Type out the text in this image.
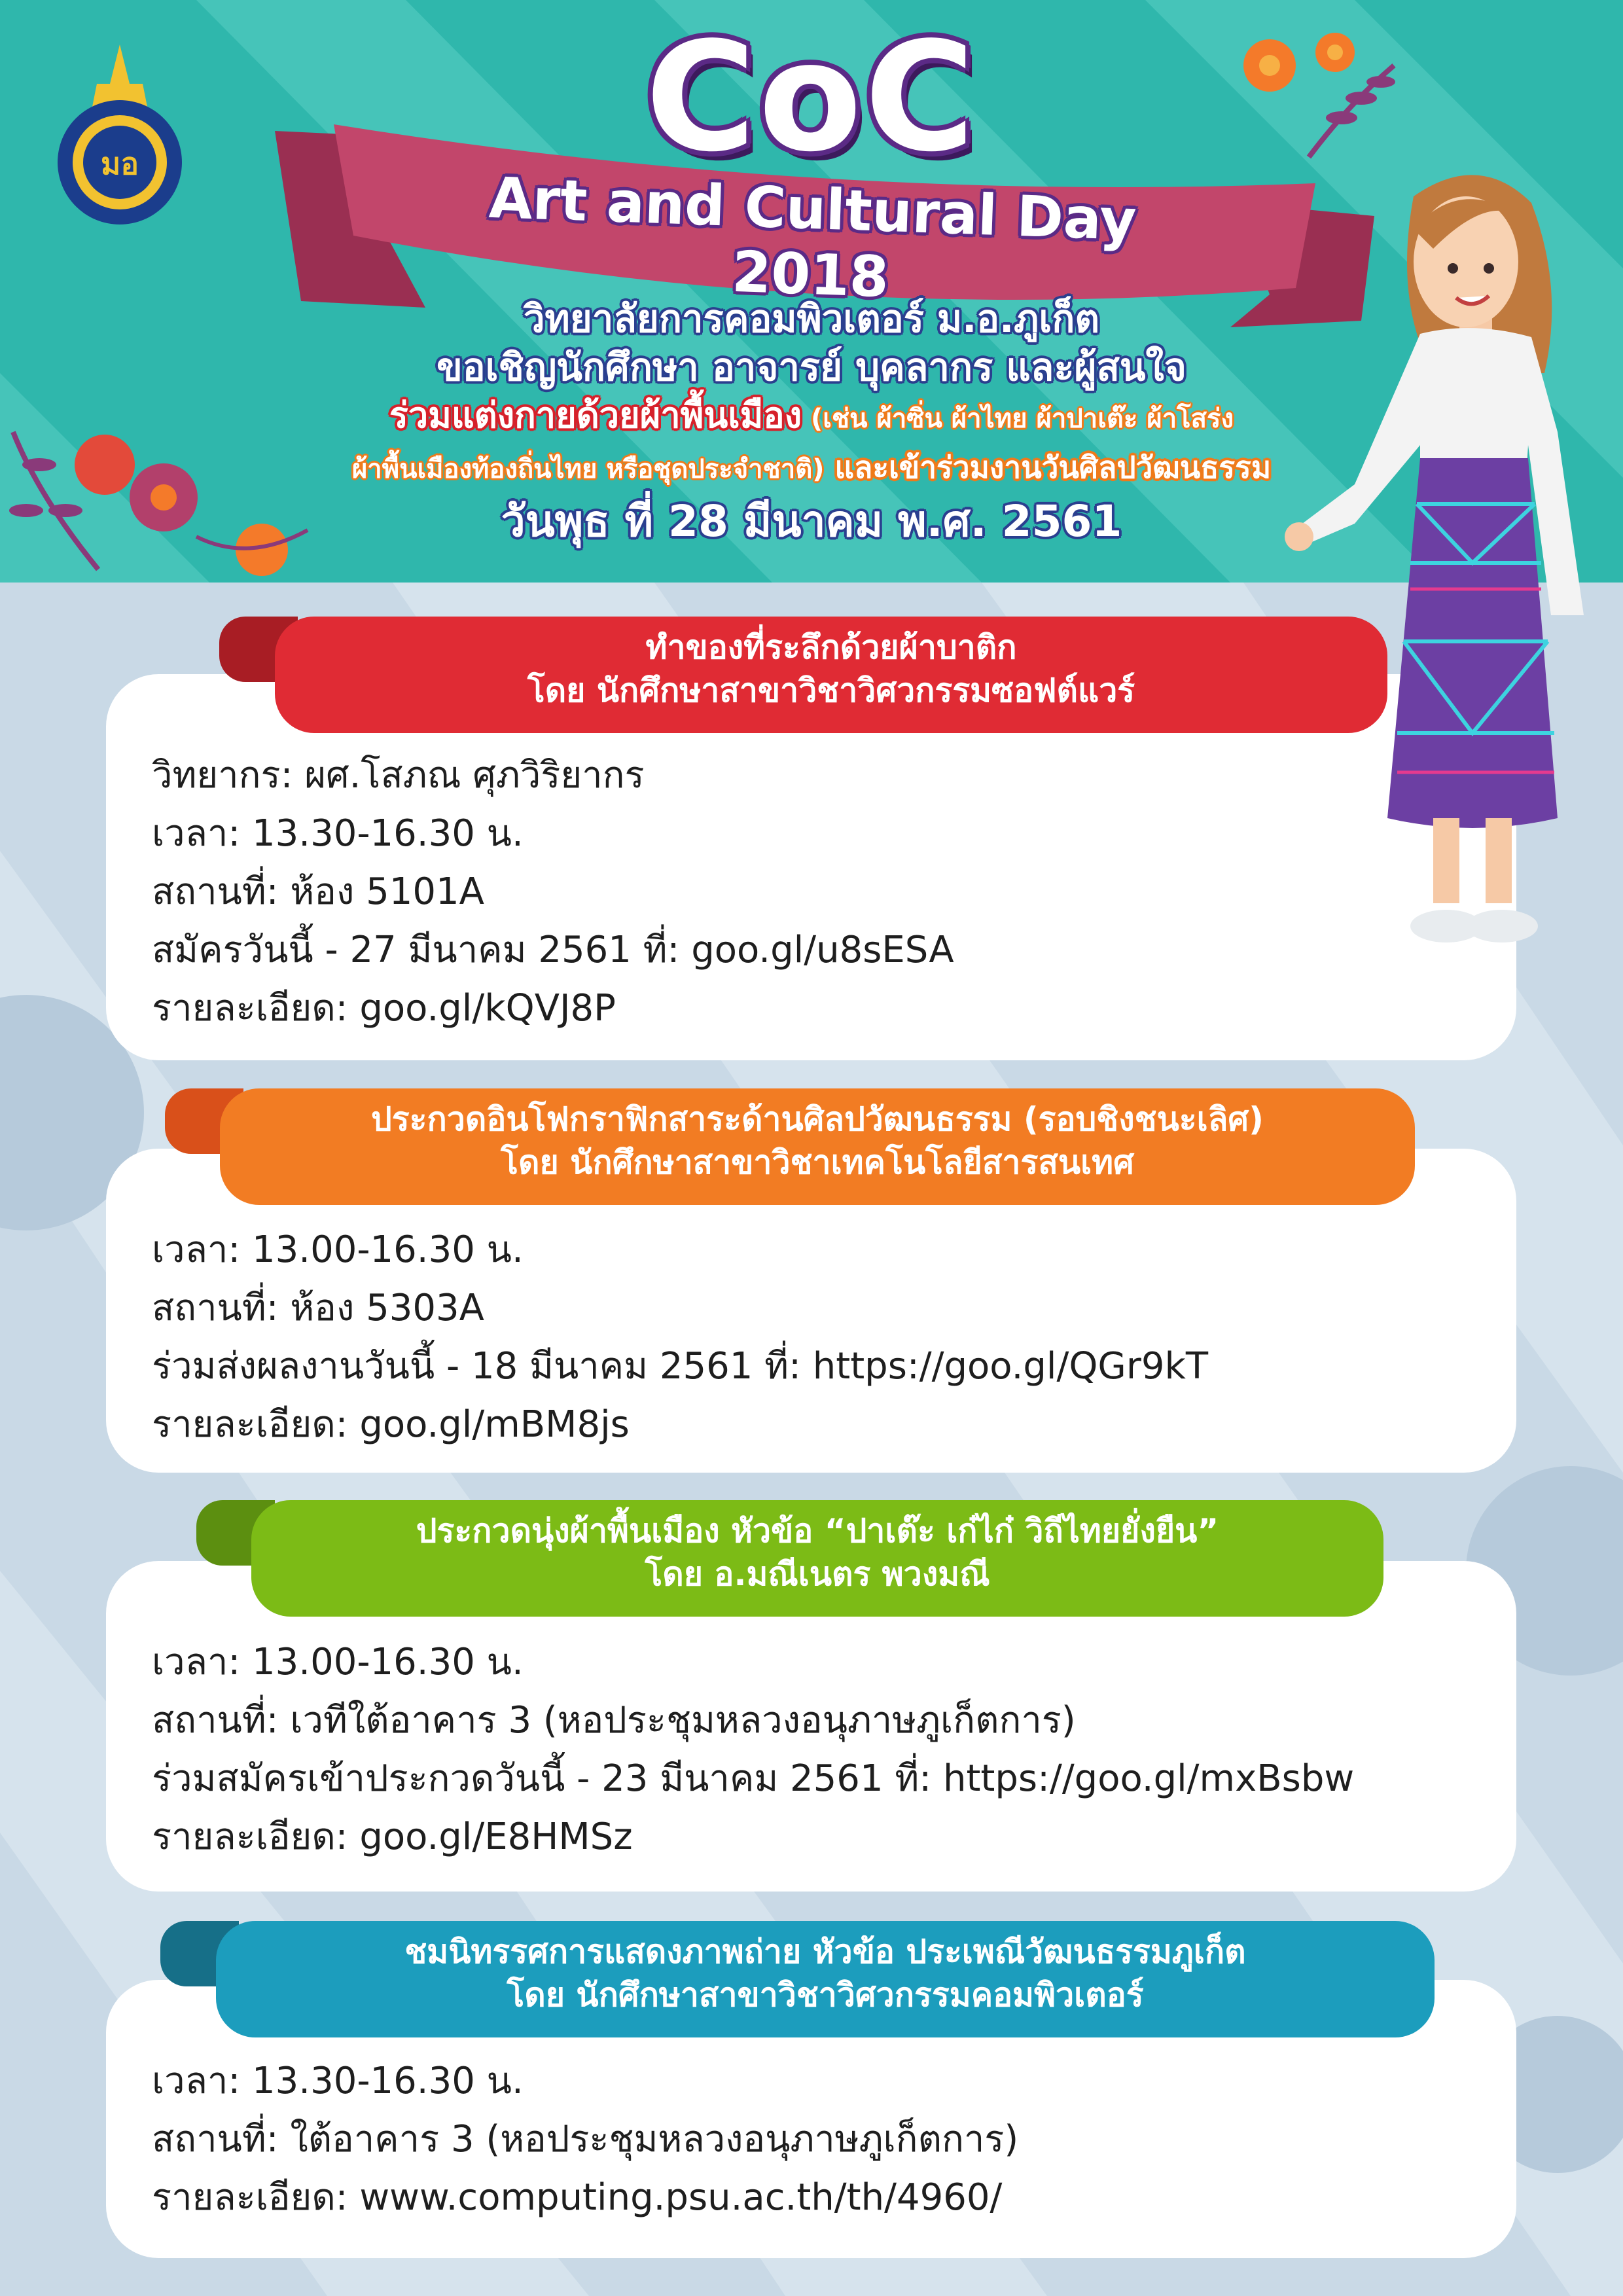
มอ	CoC
Art and Cultural Day 2018
วิทยาลัยการคอมพิวเตอร์ ม.อ.ภูเก็ต
ขอเชิญนักศึกษา อาจารย์ บุคลากร และผู้สนใจ
ร่วมแต่งกายด้วยผ้าพื้นเมือง (เช่น ผ้าซิ่น ผ้าไทย ผ้าปาเต๊ะ ผ้าโสร่ง
ผ้าพื้นเมืองท้องถิ่นไทย หรือชุดประจำชาติ) และเข้าร่วมงานวันศิลปวัฒนธรรม
วันพุธ ที่ 28 มีนาคม พ.ศ. 2561
วิทยากร: ผศ.โสภณ ศุภวิริยากร
เวลา: 13.30-16.30 น.
สถานที่: ห้อง 5101A
สมัครวันนี้ - 27 มีนาคม 2561 ที่: goo.gl/u8sESA
รายละเอียด: goo.gl/kQVJ8P
ทำของที่ระลึกด้วยผ้าบาติก
โดย นักศึกษาสาขาวิชาวิศวกรรมซอฟต์แวร์
เวลา: 13.00-16.30 น.
สถานที่: ห้อง 5303A
ร่วมส่งผลงานวันนี้ - 18 มีนาคม 2561 ที่: https://goo.gl/QGr9kT
รายละเอียด: goo.gl/mBM8js
ประกวดอินโฟกราฟิกสาระด้านศิลปวัฒนธรรม (รอบชิงชนะเลิศ)
โดย นักศึกษาสาขาวิชาเทคโนโลยีสารสนเทศ
เวลา: 13.00-16.30 น.
สถานที่: เวทีใต้อาคาร 3 (หอประชุมหลวงอนุภาษภูเก็ตการ)
ร่วมสมัครเข้าประกวดวันนี้ - 23 มีนาคม 2561 ที่: https://goo.gl/mxBsbw
รายละเอียด: goo.gl/E8HMSz
ประกวดนุ่งผ้าพื้นเมือง หัวข้อ “ปาเต๊ะ เก๋ไก๋ วิถีไทยยั่งยืน”
โดย อ.มณีเนตร พวงมณี
เวลา: 13.30-16.30 น.
สถานที่: ใต้อาคาร 3 (หอประชุมหลวงอนุภาษภูเก็ตการ)
รายละเอียด: www.computing.psu.ac.th/th/4960/
ชมนิทรรศการแสดงภาพถ่าย หัวข้อ ประเพณีวัฒนธรรมภูเก็ต
โดย นักศึกษาสาขาวิชาวิศวกรรมคอมพิวเตอร์
